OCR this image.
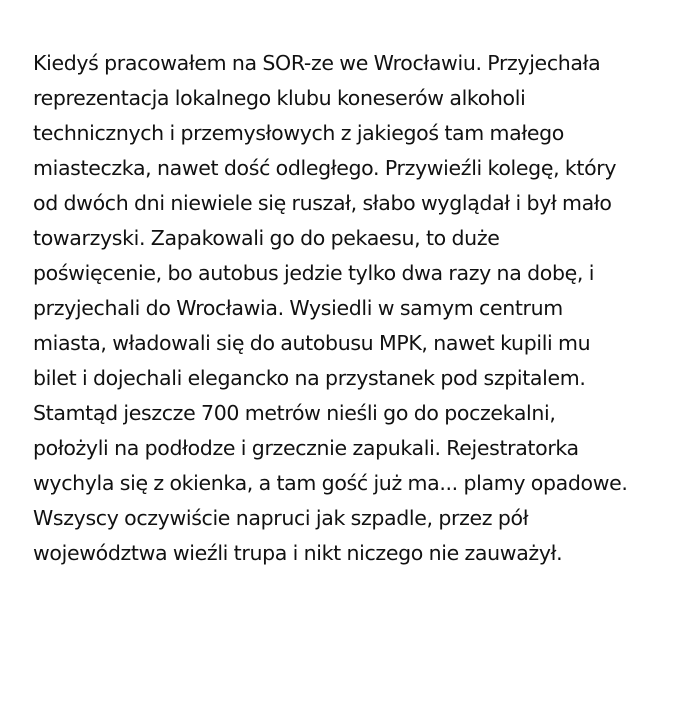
Kiedyś pracowałem na SOR-ze we Wrocławiu. Przyjechała
reprezentacja lokalnego klubu koneserów alkoholi
technicznych i przemysłowych z jakiegoś tam małego
miasteczka, nawet dość odległego. Przywieźli kolegę, który
od dwóch dni niewiele się ruszał, słabo wyglądał i był mało
towarzyski. Zapakowali go do pekaesu, to duże
poświęcenie, bo autobus jedzie tylko dwa razy na dobę, i
przyjechali do Wrocławia. Wysiedli w samym centrum
miasta, władowali się do autobusu MPK, nawet kupili mu
bilet i dojechali elegancko na przystanek pod szpitalem.
Stamtąd jeszcze 700 metrów nieśli go do poczekalni,
położyli na podłodze i grzecznie zapukali. Rejestratorka
wychyla się z okienka, a tam gość już ma... plamy opadowe.
Wszyscy oczywiście napruci jak szpadle, przez pół
województwa wieźli trupa i nikt niczego nie zauważył.
